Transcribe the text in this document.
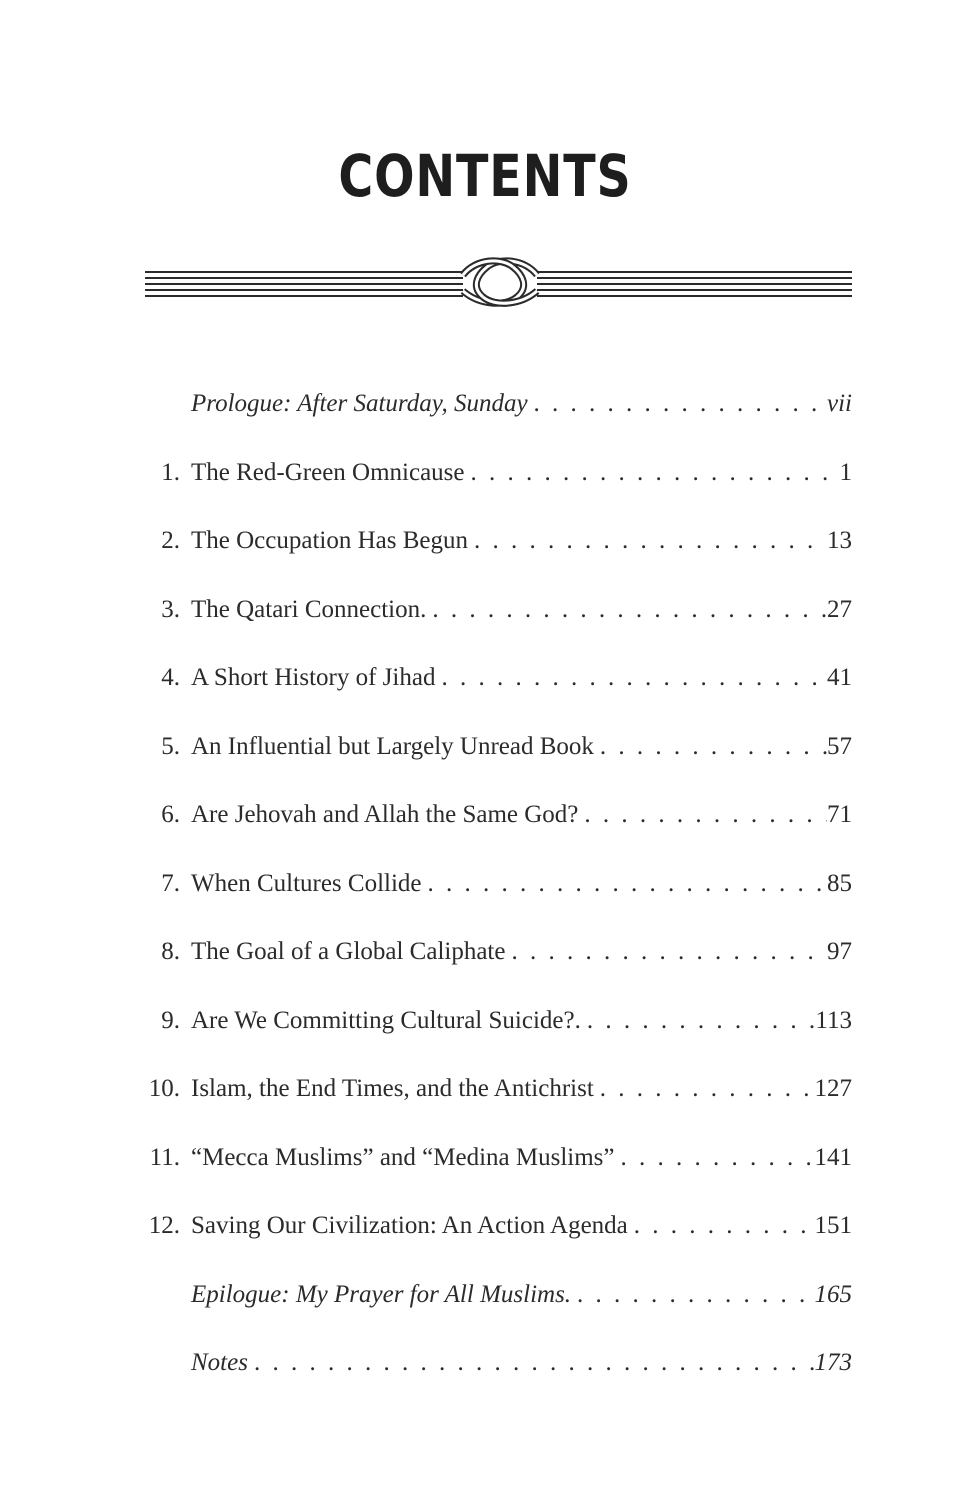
CONTENTS
Prologue: After Saturday, Sunday . . .	vii
1. The Red-Green Omnicause . . .	1
2. The Occupation Has Begun . . .	13
3. The Qatari Connection. . . .	27
4. A Short History of Jihad . . .	41
5. An Influential but Largely Unread Book . . .	57
6. Are Jehovah and Allah the Same God? . . .	71
7. When Cultures Collide . . .	85
8. The Goal of a Global Caliphate . . .	97
9. Are We Committing Cultural Suicide?. . . .	113
10. Islam, the End Times, and the Antichrist . . .	127
11. “Mecca Muslims” and “Medina Muslims” . . .	141
12. Saving Our Civilization: An Action Agenda . . .	151
Epilogue: My Prayer for All Muslims. . . .	165
Notes . . .	173
